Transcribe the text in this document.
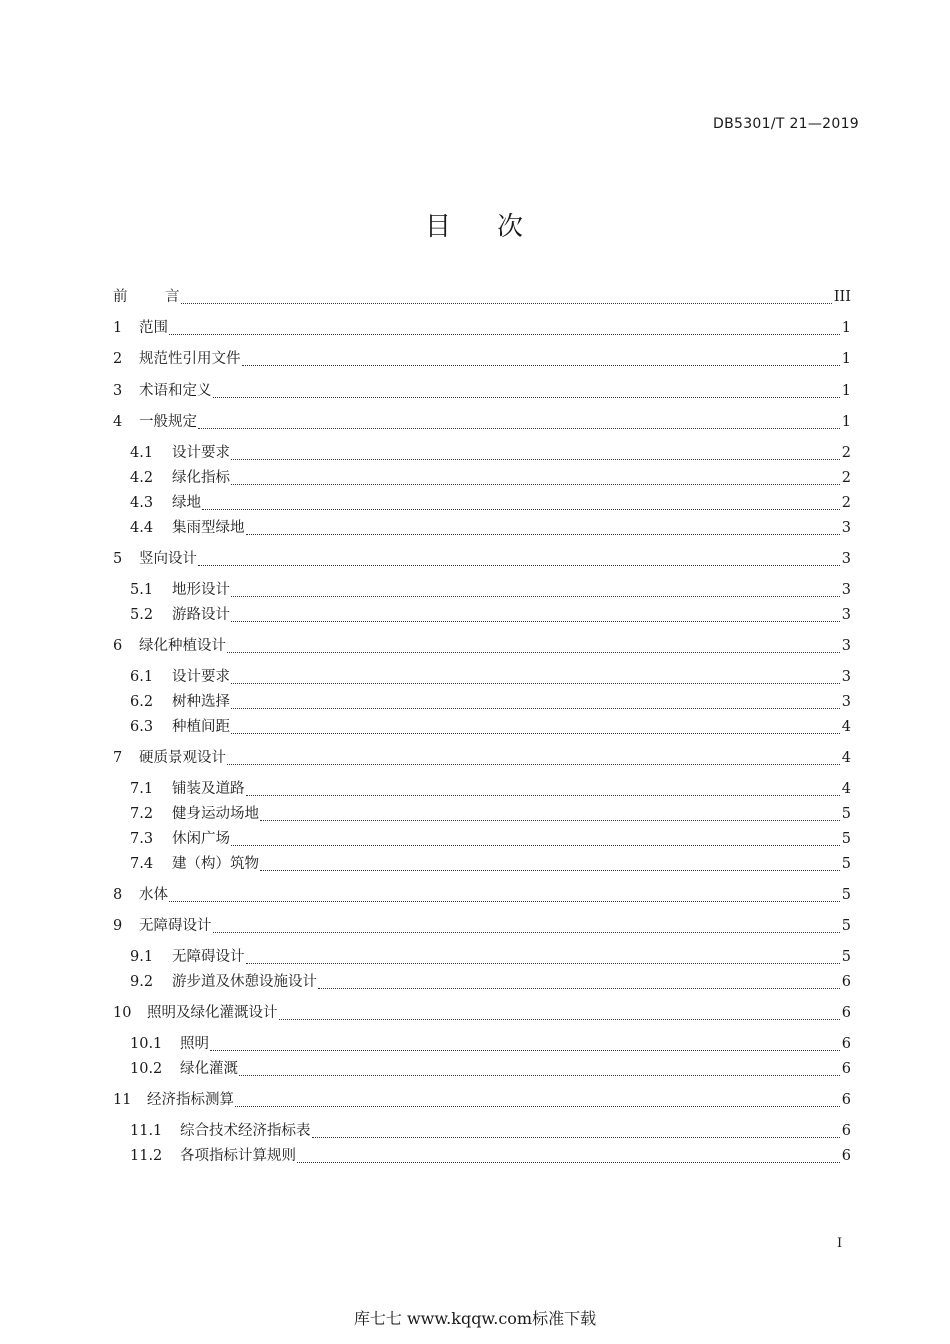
DB5301/T 21—2019
目 次
前　　 言	III
1	范围	1
2	规范性引用文件	1
3	术语和定义	1
4	一般规定	1
4.1	设计要求	2
4.2	绿化指标	2
4.3	绿地	2
4.4	集雨型绿地	3
5	竖向设计	3
5.1	地形设计	3
5.2	游路设计	3
6	绿化种植设计	3
6.1	设计要求	3
6.2	树种选择	3
6.3	种植间距	4
7	硬质景观设计	4
7.1	铺装及道路	4
7.2	健身运动场地	5
7.3	休闲广场	5
7.4	建（构）筑物	5
8	水体	5
9	无障碍设计	5
9.1	无障碍设计	5
9.2	游步道及休憩设施设计	6
10	照明及绿化灌溉设计	6
10.1	照明	6
10.2	绿化灌溉	6
11	经济指标测算	6
11.1	综合技术经济指标表	6
11.2	各项指标计算规则	6
I
库七七 www.kqqw.com标准下载
